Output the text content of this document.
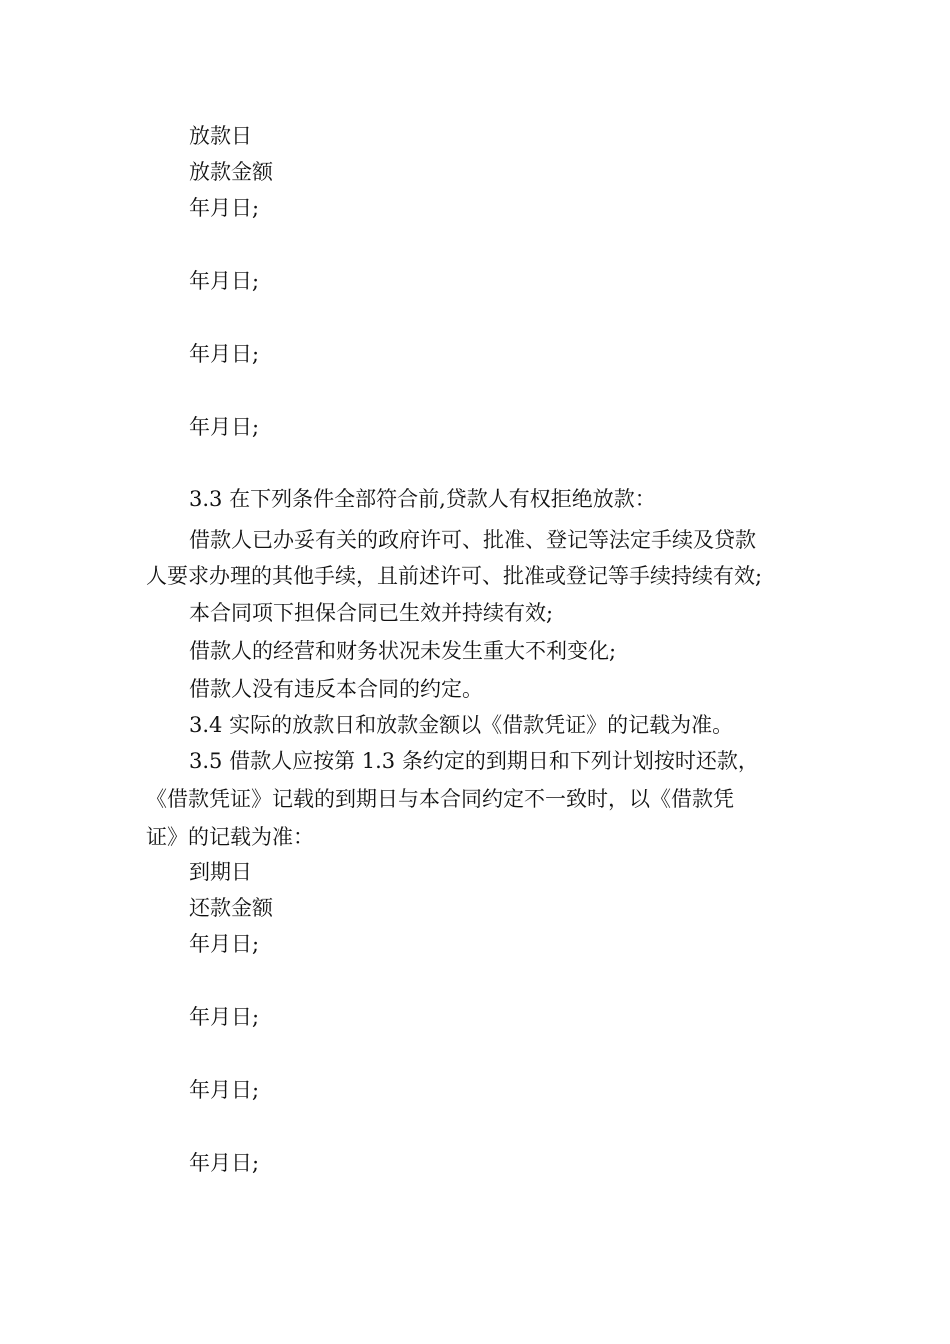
放款日
放款金额
年月日;
年月日;
年月日;
年月日;
3.3 在下列条件全部符合前,贷款人有权拒绝放款：
借款人已办妥有关的政府许可、批准、登记等法定手续及贷款
人要求办理的其他手续，且前述许可、批准或登记等手续持续有效;
本合同项下担保合同已生效并持续有效;
借款人的经营和财务状况未发生重大不利变化;
借款人没有违反本合同的约定。
3.4 实际的放款日和放款金额以《借款凭证》的记载为准。
3.5 借款人应按第 1.3 条约定的到期日和下列计划按时还款，
《借款凭证》记载的到期日与本合同约定不一致时，以《借款凭
证》的记载为准：
到期日
还款金额
年月日;
年月日;
年月日;
年月日;
